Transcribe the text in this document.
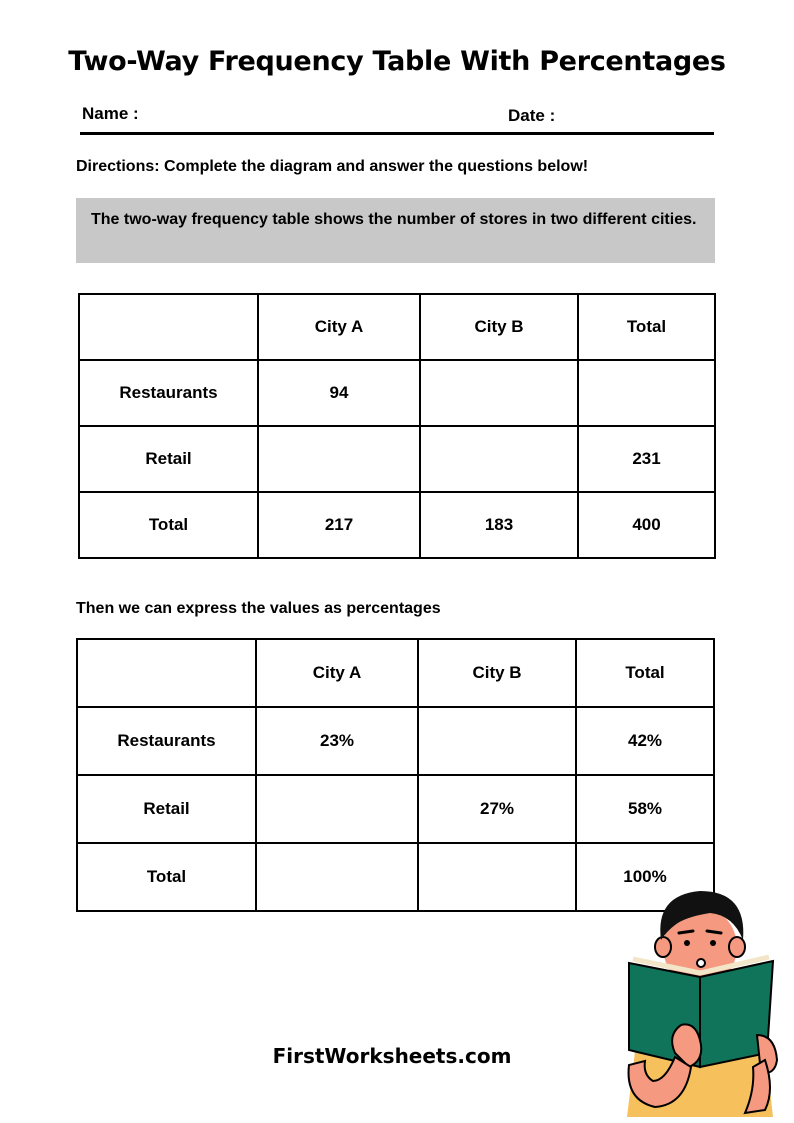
Two-Way Frequency Table With Percentages
Name :	Date :
Directions: Complete the diagram and answer the questions below!
The two-way frequency table shows the number of stores in two different cities.
	City A	City B	Total
Restaurants	94		
Retail			231
Total	217	183	400
Then we can express the values as percentages
	City A	City B	Total
Restaurants	23%		42%
Retail		27%	58%
Total			100%
FirstWorksheets.com
